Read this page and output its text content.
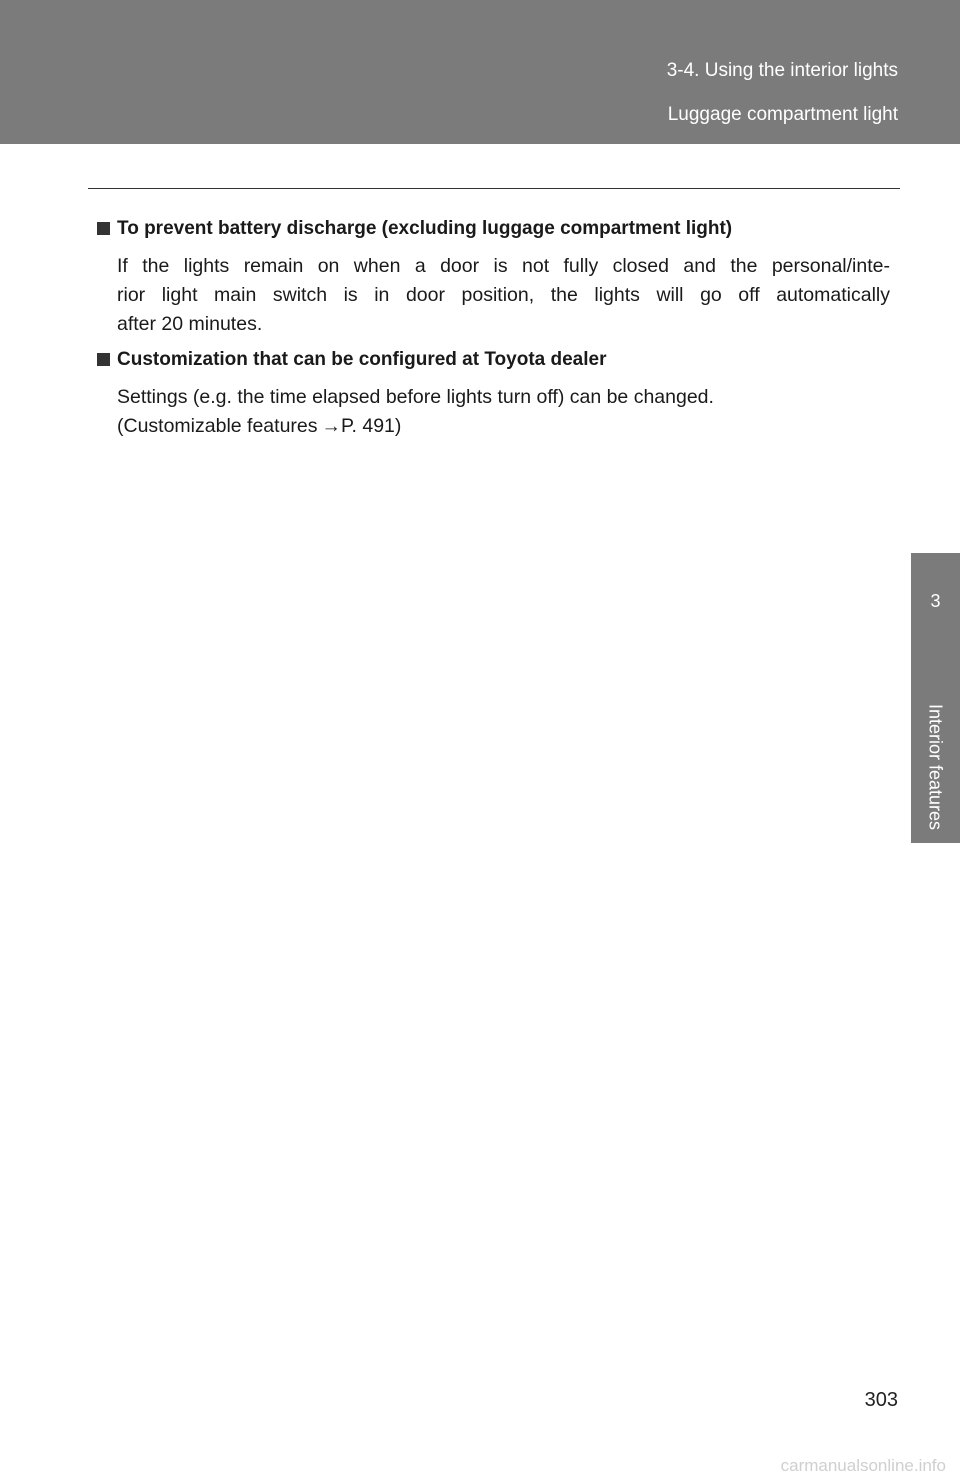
3-4. Using the interior lights
Luggage compartment light
3
Interior features
To prevent battery discharge (excluding luggage compartment light)
If the lights remain on when a door is not fully closed and the personal/inte-
rior light main switch is in door position, the lights will go off automatically
after 20 minutes.
Customization that can be configured at Toyota dealer
Settings (e.g. the time elapsed before lights turn off) can be changed.
(Customizable features →P. 491)
303
carmanualsonline.info
